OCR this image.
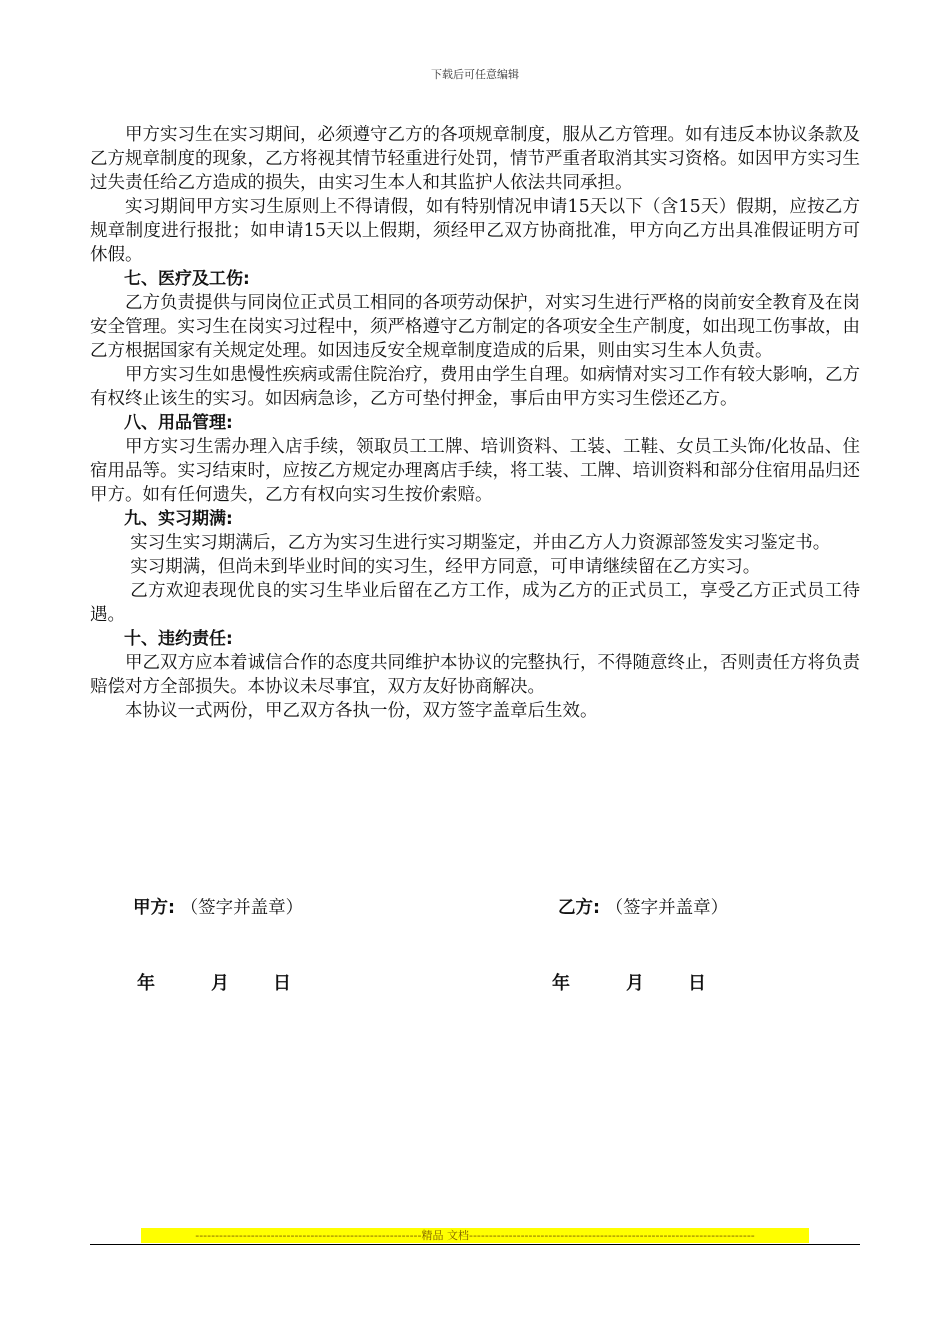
下载后可任意编辑

甲方实习生在实习期间，必须遵守乙方的各项规章制度，服从乙方管理。如有违反本协议条款及乙方规章制度的现象，乙方将视其情节轻重进行处罚，情节严重者取消其实习资格。如因甲方实习生过失责任给乙方造成的损失，由实习生本人和其监护人依法共同承担。

实习期间甲方实习生原则上不得请假，如有特别情况申请15天以下（含15天）假期，应按乙方规章制度进行报批；如申请15天以上假期，须经甲乙双方协商批准，甲方向乙方出具准假证明方可休假。

七、医疗及工伤:

乙方负责提供与同岗位正式员工相同的各项劳动保护，对实习生进行严格的岗前安全教育及在岗安全管理。实习生在岗实习过程中，须严格遵守乙方制定的各项安全生产制度，如出现工伤事故，由乙方根据国家有关规定处理。如因违反安全规章制度造成的后果，则由实习生本人负责。

甲方实习生如患慢性疾病或需住院治疗，费用由学生自理。如病情对实习工作有较大影响，乙方有权终止该生的实习。如因病急诊，乙方可垫付押金，事后由甲方实习生偿还乙方。

八、用品管理:

甲方实习生需办理入店手续，领取员工工牌、培训资料、工装、工鞋、女员工头饰/化妆品、住宿用品等。实习结束时，应按乙方规定办理离店手续，将工装、工牌、培训资料和部分住宿用品归还甲方。如有任何遗失，乙方有权向实习生按价索赔。

九、实习期满:

实习生实习期满后，乙方为实习生进行实习期鉴定，并由乙方人力资源部签发实习鉴定书。

实习期满，但尚未到毕业时间的实习生，经甲方同意，可申请继续留在乙方实习。

乙方欢迎表现优良的实习生毕业后留在乙方工作，成为乙方的正式员工，享受乙方正式员工待遇。

十、违约责任:

甲乙双方应本着诚信合作的态度共同维护本协议的完整执行，不得随意终止，否则责任方将负责赔偿对方全部损失。本协议未尽事宜，双方友好协商解决。

本协议一式两份，甲乙双方各执一份，双方签字盖章后生效。

甲方: （签字并盖章）	乙方: （签字并盖章）
年	月 日	年	月 日
---------------------------------------------------------精品 文档------------------------------------------------------------------------
